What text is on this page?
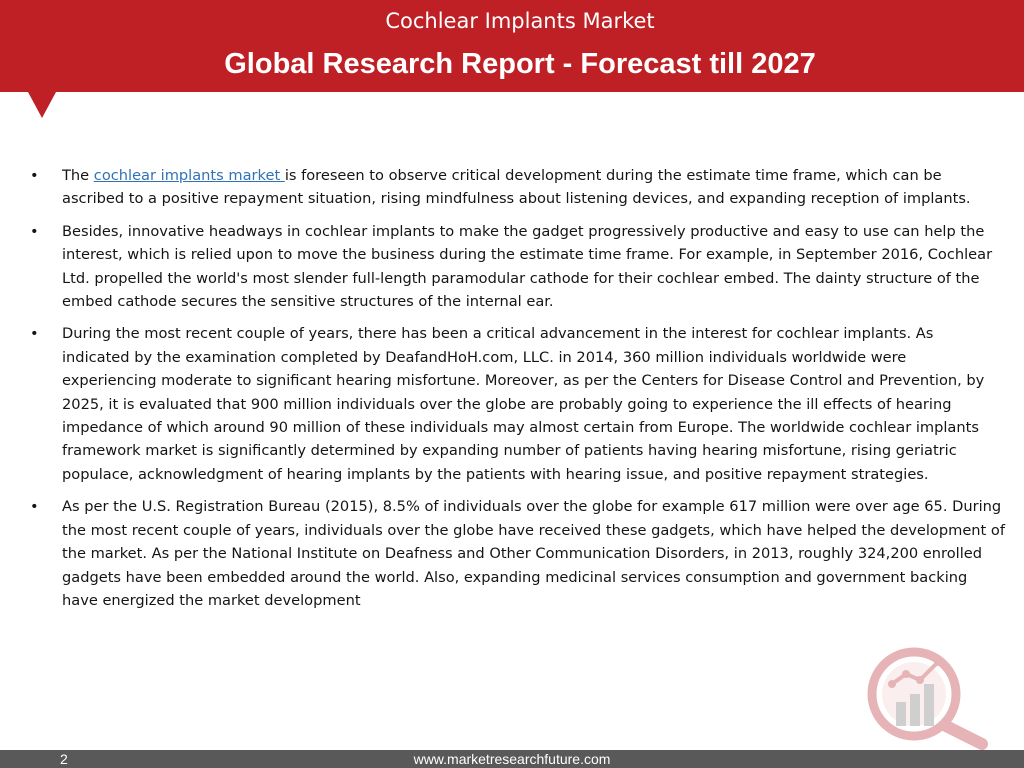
Cochlear Implants Market
Global Research Report - Forecast till 2027
•	The cochlear implants market is foreseen to observe critical development during the estimate time frame, which can be ascribed to a positive repayment situation, rising mindfulness about listening devices, and expanding reception of implants.
•	Besides, innovative headways in cochlear implants to make the gadget progressively productive and easy to use can help the interest, which is relied upon to move the business during the estimate time frame. For example, in September 2016, Cochlear Ltd. propelled the world's most slender full-length paramodular cathode for their cochlear embed. The dainty structure of the embed cathode secures the sensitive structures of the internal ear.
•	During the most recent couple of years, there has been a critical advancement in the interest for cochlear implants. As indicated by the examination completed by DeafandHoH.com, LLC. in 2014, 360 million individuals worldwide were experiencing moderate to significant hearing misfortune. Moreover, as per the Centers for Disease Control and Prevention, by 2025, it is evaluated that 900 million individuals over the globe are probably going to experience the ill effects of hearing impedance of which around 90 million of these individuals may almost certain from Europe. The worldwide cochlear implants framework market is significantly determined by expanding number of patients having hearing misfortune, rising geriatric populace, acknowledgment of hearing implants by the patients with hearing issue, and positive repayment strategies.
•	As per the U.S. Registration Bureau (2015), 8.5% of individuals over the globe for example 617 million were over age 65. During the most recent couple of years, individuals over the globe have received these gadgets, which have helped the development of the market. As per the National Institute on Deafness and Other Communication Disorders, in 2013, roughly 324,200 enrolled gadgets have been embedded around the world. Also, expanding medicinal services consumption and government backing have energized the market development
2	www.marketresearchfuture.com
